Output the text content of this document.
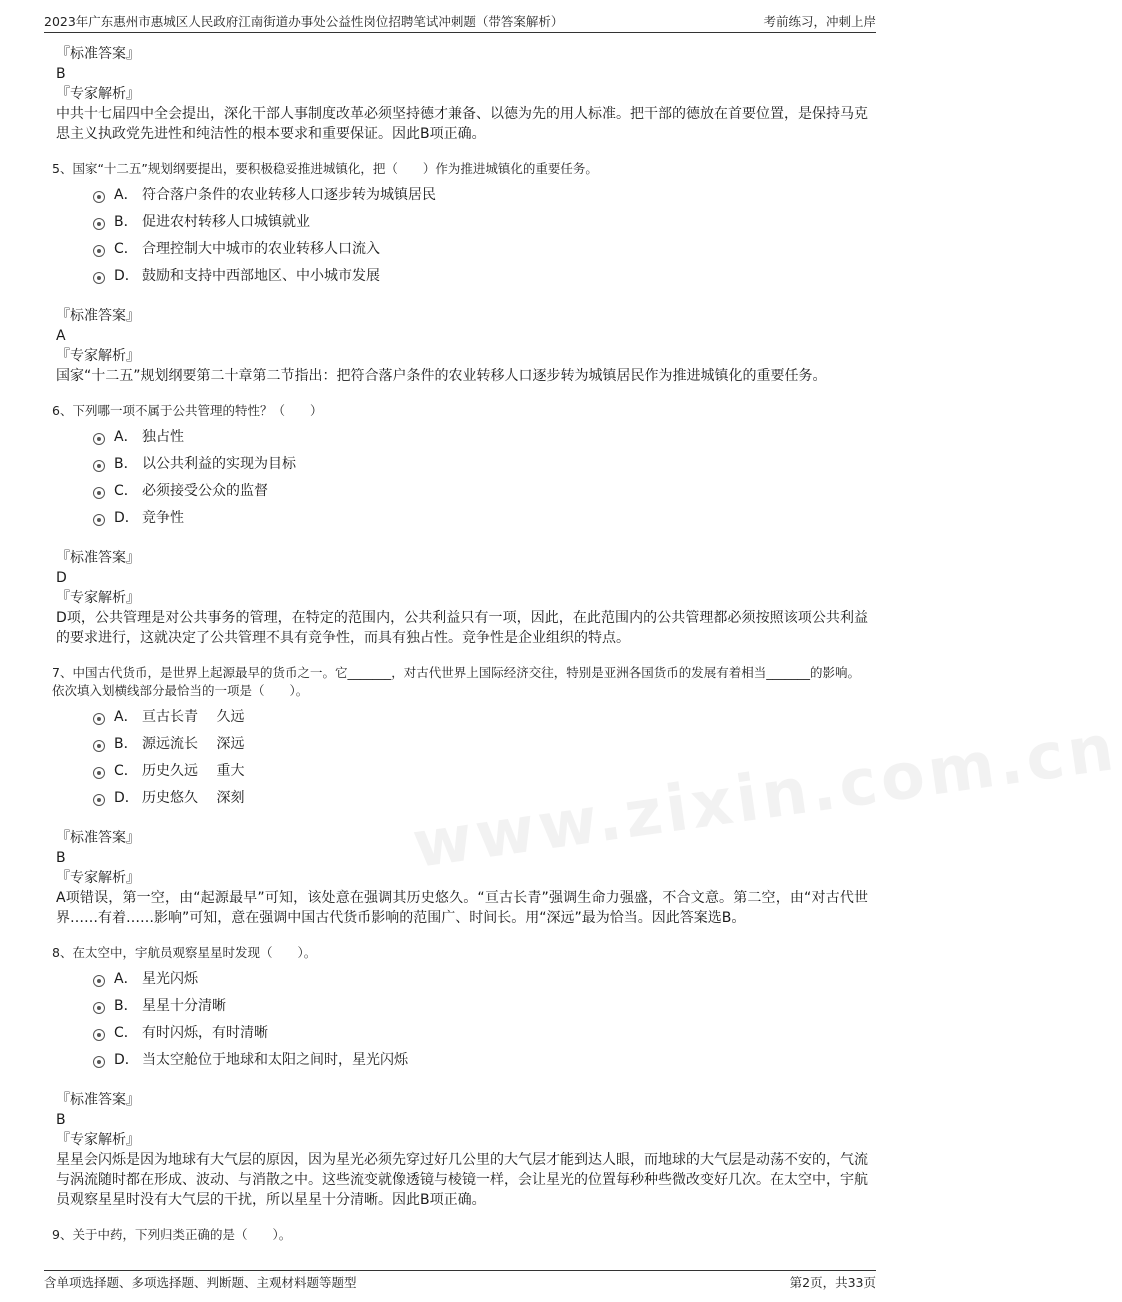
2023年广东惠州市惠城区人民政府江南街道办事处公益性岗位招聘笔试冲刺题（带答案解析）	考前练习，冲刺上岸
www.zixin.com.cn

『标准答案』

B

『专家解析』

中共十七届四中全会提出，深化干部人事制度改革必须坚持德才兼备、以德为先的用人标准。把干部的德放在首要位置，是保持马克思主义执政党先进性和纯洁性的根本要求和重要保证。因此B项正确。

5、国家“十二五”规划纲要提出，要积极稳妥推进城镇化，把（　　）作为推进城镇化的重要任务。

A． 符合落户条件的农业转移人口逐步转为城镇居民
B． 促进农村转移人口城镇就业
C． 合理控制大中城市的农业转移人口流入
D． 鼓励和支持中西部地区、中小城市发展

『标准答案』

A

『专家解析』

国家“十二五”规划纲要第二十章第二节指出：把符合落户条件的农业转移人口逐步转为城镇居民作为推进城镇化的重要任务。

6、下列哪一项不属于公共管理的特性？（　　）

A． 独占性
B． 以公共利益的实现为目标
C． 必须接受公众的监督
D． 竞争性

『标准答案』

D

『专家解析』

D项，公共管理是对公共事务的管理，在特定的范围内，公共利益只有一项，因此，在此范围内的公共管理都必须按照该项公共利益的要求进行，这就决定了公共管理不具有竞争性，而具有独占性。竞争性是企业组织的特点。

7、中国古代货币，是世界上起源最早的货币之一。它_______，对古代世界上国际经济交往，特别是亚洲各国货币的发展有着相当_______的影响。

依次填入划横线部分最恰当的一项是（　　）。

A． 亘古长青　 久远
B． 源远流长　 深远
C． 历史久远　 重大
D． 历史悠久　 深刻

『标准答案』

B

『专家解析』

A项错误，第一空，由“起源最早”可知，该处意在强调其历史悠久。“亘古长青”强调生命力强盛，不合文意。第二空，由“对古代世界……有着……影响”可知，意在强调中国古代货币影响的范围广、时间长。用“深远”最为恰当。因此答案选B。

8、在太空中，宇航员观察星星时发现（　　）。

A． 星光闪烁
B． 星星十分清晰
C． 有时闪烁，有时清晰
D． 当太空舱位于地球和太阳之间时，星光闪烁

『标准答案』

B

『专家解析』

星星会闪烁是因为地球有大气层的原因，因为星光必须先穿过好几公里的大气层才能到达人眼，而地球的大气层是动荡不安的，气流与涡流随时都在形成、波动、与消散之中。这些流变就像透镜与棱镜一样，会让星光的位置每秒种些微改变好几次。在太空中，宇航员观察星星时没有大气层的干扰，所以星星十分清晰。因此B项正确。

9、关于中药，下列归类正确的是（　　）。

含单项选择题、多项选择题、判断题、主观材料题等题型	第2页，共33页
